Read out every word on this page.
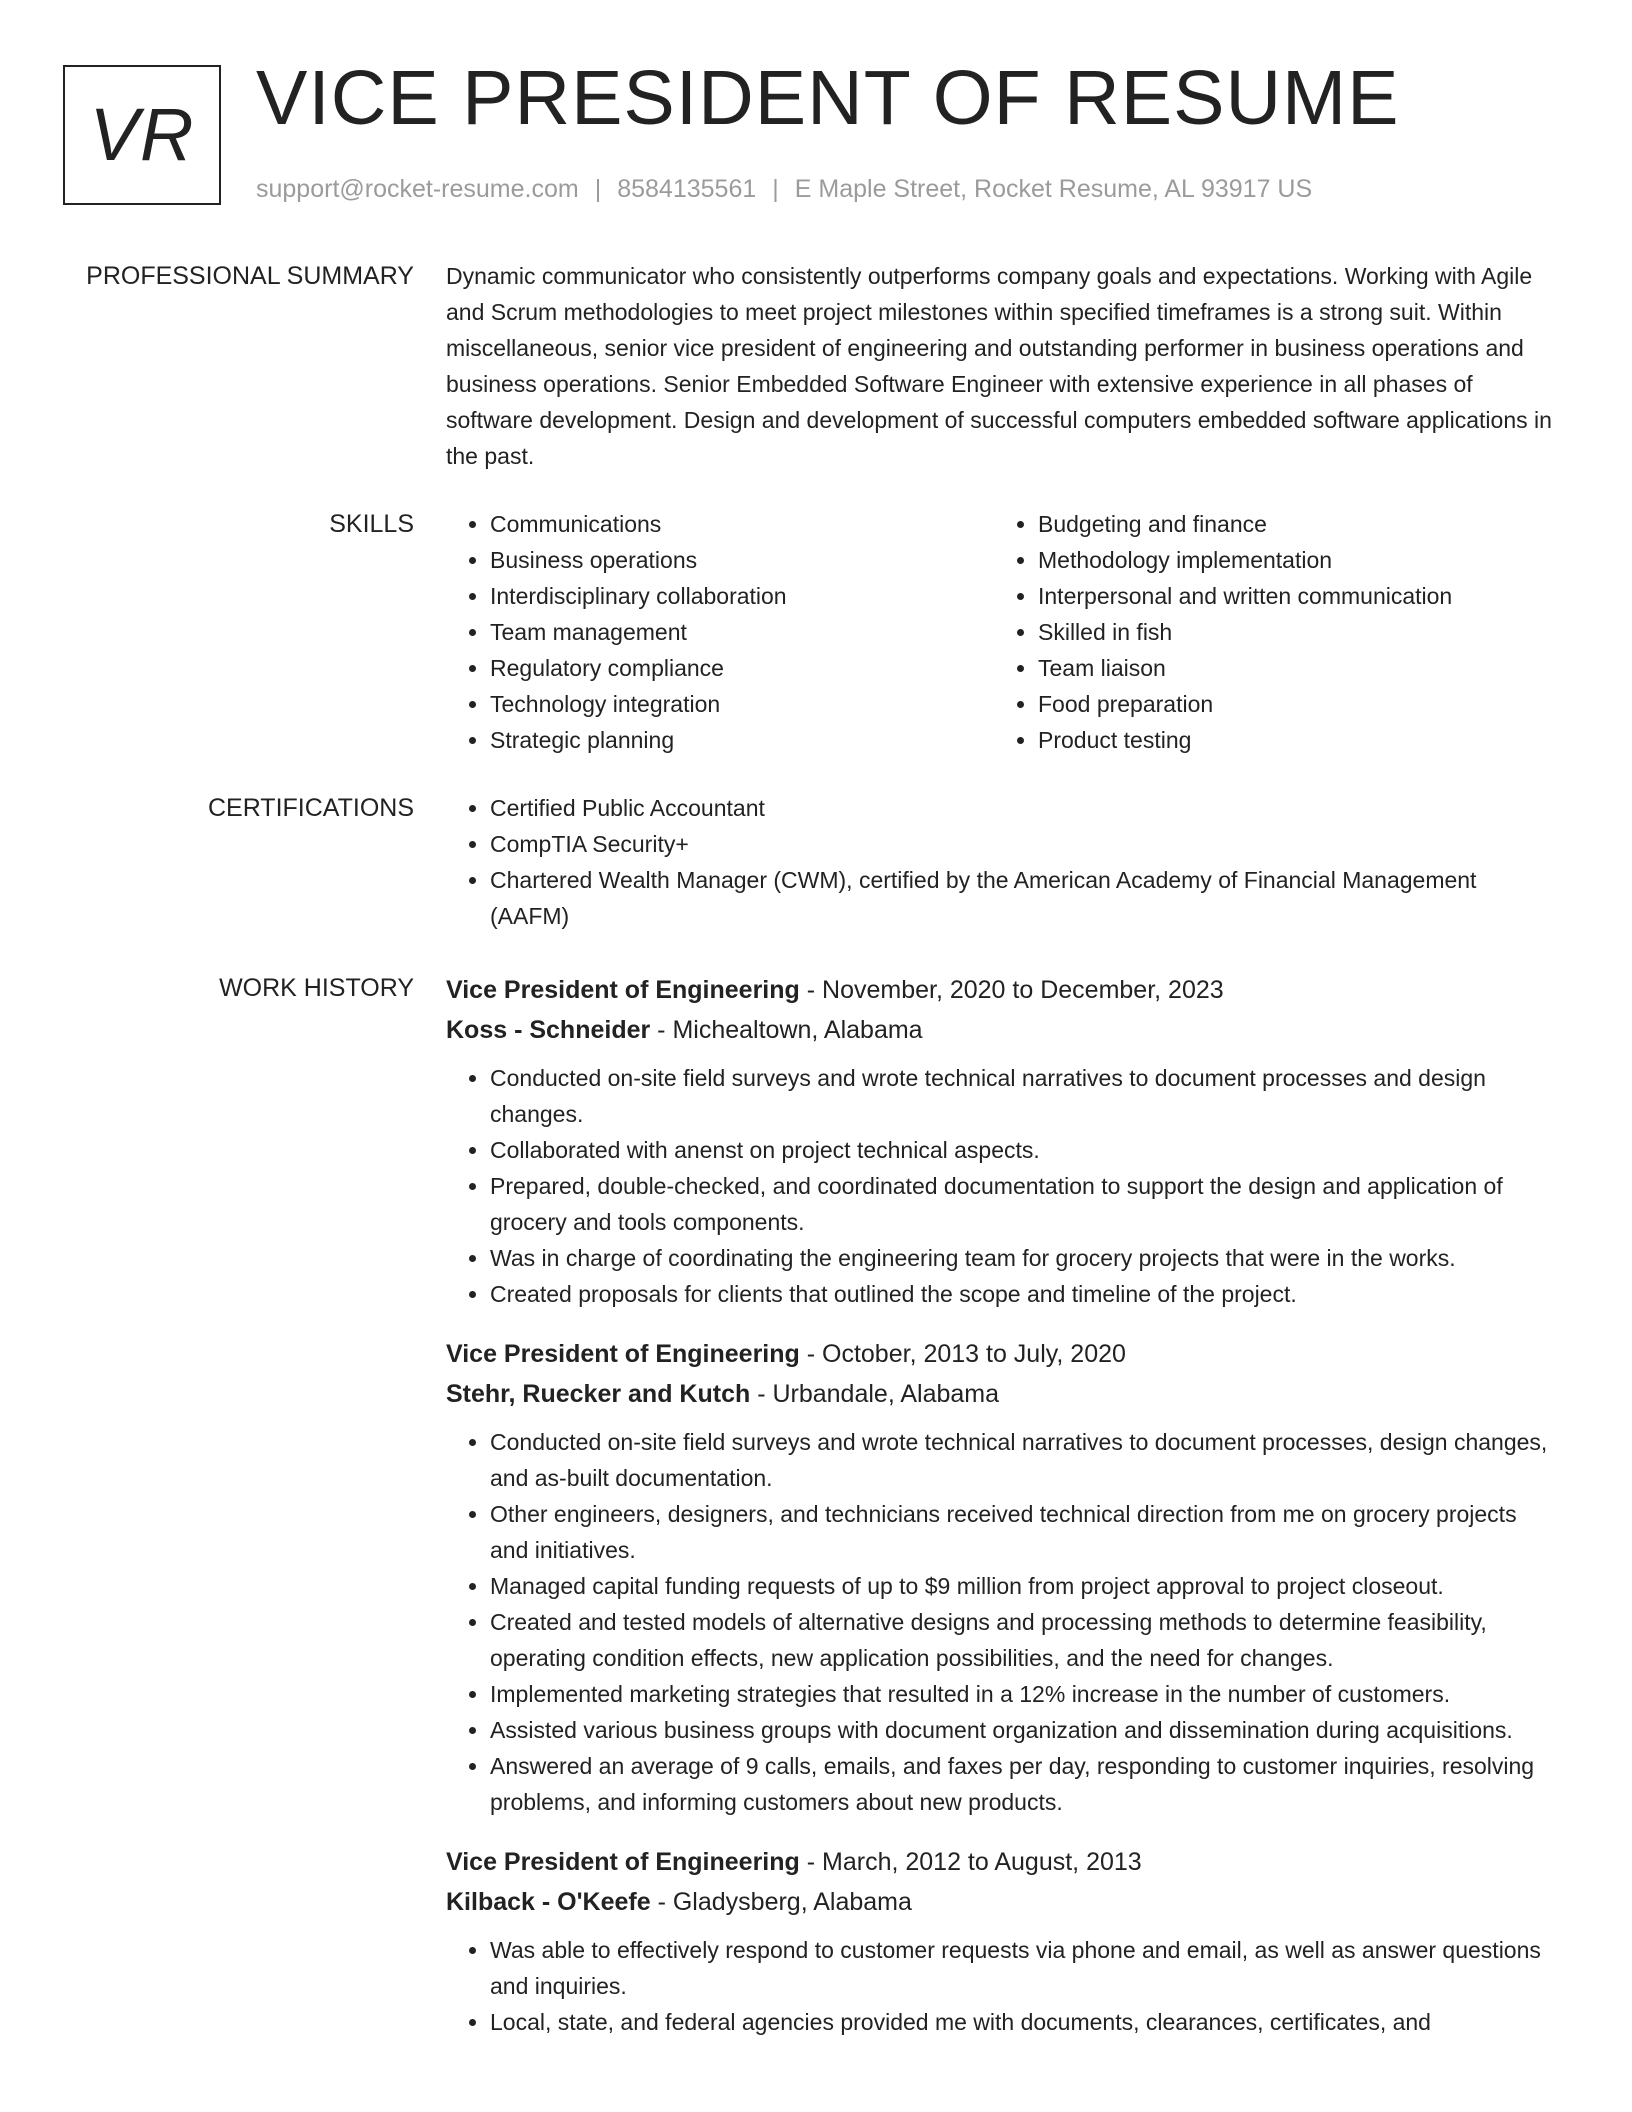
VR VICE PRESIDENT OF RESUME
support@rocket-resume.com | 8584135561 | E Maple Street, Rocket Resume, AL 93917 US
PROFESSIONAL SUMMARY Dynamic communicator who consistently outperforms company goals and expectations. Working with Agile and Scrum methodologies to meet project milestones within specified timeframes is a strong suit. Within miscellaneous, senior vice president of engineering and outstanding performer in business operations and business operations. Senior Embedded Software Engineer with extensive experience in all phases of software development. Design and development of successful computers embedded software applications in the past.

SKILLS	• Communications
• Business operations
• Interdisciplinary collaboration
• Team management
• Regulatory compliance
• Technology integration
• Strategic planning
• Budgeting and finance
• Methodology implementation
• Interpersonal and written communication
• Skilled in fish
• Team liaison
• Food preparation
• Product testing
CERTIFICATIONS	• Certified Public Accountant
• CompTIA Security+
• Chartered Wealth Manager (CWM), certified by the American Academy of Financial Management (AAFM)
WORK HISTORY Vice President of Engineering - November, 2020 to December, 2023
Koss - Schneider - Michealtown, Alabama
• Conducted on-site field surveys and wrote technical narratives to document processes and design changes.
• Collaborated with anenst on project technical aspects.
• Prepared, double-checked, and coordinated documentation to support the design and application of grocery and tools components.
• Was in charge of coordinating the engineering team for grocery projects that were in the works.
• Created proposals for clients that outlined the scope and timeline of the project.
Vice President of Engineering - October, 2013 to July, 2020
Stehr, Ruecker and Kutch - Urbandale, Alabama
• Conducted on-site field surveys and wrote technical narratives to document processes, design changes, and as-built documentation.
• Other engineers, designers, and technicians received technical direction from me on grocery projects and initiatives.
• Managed capital funding requests of up to $9 million from project approval to project closeout.
• Created and tested models of alternative designs and processing methods to determine feasibility, operating condition effects, new application possibilities, and the need for changes.
• Implemented marketing strategies that resulted in a 12% increase in the number of customers.
• Assisted various business groups with document organization and dissemination during acquisitions.
• Answered an average of 9 calls, emails, and faxes per day, responding to customer inquiries, resolving problems, and informing customers about new products.
Vice President of Engineering - March, 2012 to August, 2013
Kilback - O'Keefe - Gladysberg, Alabama
• Was able to effectively respond to customer requests via phone and email, as well as answer questions and inquiries.
• Local, state, and federal agencies provided me with documents, clearances, certificates, and
